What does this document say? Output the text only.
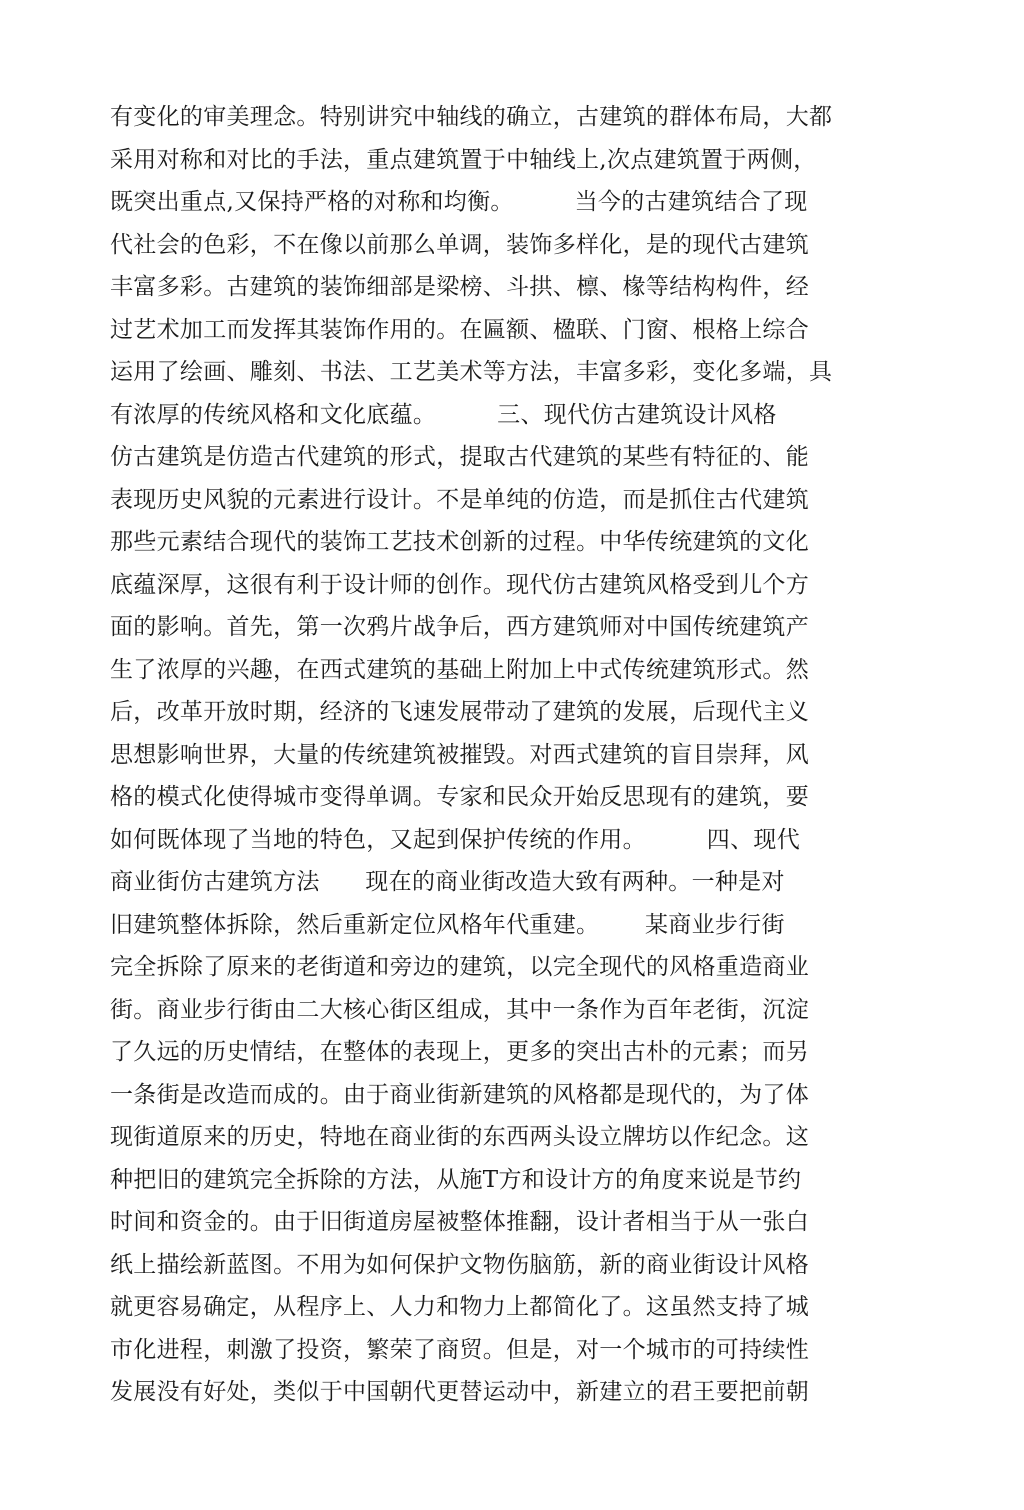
有变化的审美理念。特别讲究中轴线的确立，古建筑的群体布局，大都
采用对称和对比的手法，重点建筑置于中轴线上,次点建筑置于两侧，
既突出重点,又保持严格的对称和均衡。        当今的古建筑结合了现
代社会的色彩，不在像以前那么单调，装饰多样化，是的现代古建筑
丰富多彩。古建筑的装饰细部是梁榜、斗拱、檩、椽等结构构件，经
过艺术加工而发挥其装饰作用的。在匾额、楹联、门窗、根格上综合
运用了绘画、雕刻、书法、工艺美术等方法，丰富多彩，变化多端，具
有浓厚的传统风格和文化底蕴。        三、现代仿古建筑设计风格
仿古建筑是仿造古代建筑的形式，提取古代建筑的某些有特征的、能
表现历史风貌的元素进行设计。不是单纯的仿造，而是抓住古代建筑
那些元素结合现代的装饰工艺技术创新的过程。中华传统建筑的文化
底蕴深厚，这很有利于设计师的创作。现代仿古建筑风格受到儿个方
面的影响。首先，第一次鸦片战争后，西方建筑师对中国传统建筑产
生了浓厚的兴趣，在西式建筑的基础上附加上中式传统建筑形式。然
后，改革开放时期，经济的飞速发展带动了建筑的发展，后现代主义
思想影响世界，大量的传统建筑被摧毁。对西式建筑的盲目崇拜，风
格的模式化使得城市变得单调。专家和民众开始反思现有的建筑，要
如何既体现了当地的特色，又起到保护传统的作用。        四、现代
商业街仿古建筑方法      现在的商业街改造大致有两种。一种是对
旧建筑整体拆除，然后重新定位风格年代重建。      某商业步行街
完全拆除了原来的老街道和旁边的建筑，以完全现代的风格重造商业
街。商业步行街由二大核心街区组成，其中一条作为百年老街，沉淀
了久远的历史情结，在整体的表现上，更多的突出古朴的元素；而另
一条街是改造而成的。由于商业街新建筑的风格都是现代的，为了体
现街道原来的历史，特地在商业街的东西两头设立牌坊以作纪念。这
种把旧的建筑完全拆除的方法，从施T方和设计方的角度来说是节约
时间和资金的。由于旧街道房屋被整体推翻，设计者相当于从一张白
纸上描绘新蓝图。不用为如何保护文物伤脑筋，新的商业街设计风格
就更容易确定，从程序上、人力和物力上都简化了。这虽然支持了城
市化进程，刺激了投资，繁荣了商贸。但是，对一个城市的可持续性
发展没有好处，类似于中国朝代更替运动中，新建立的君王要把前朝
